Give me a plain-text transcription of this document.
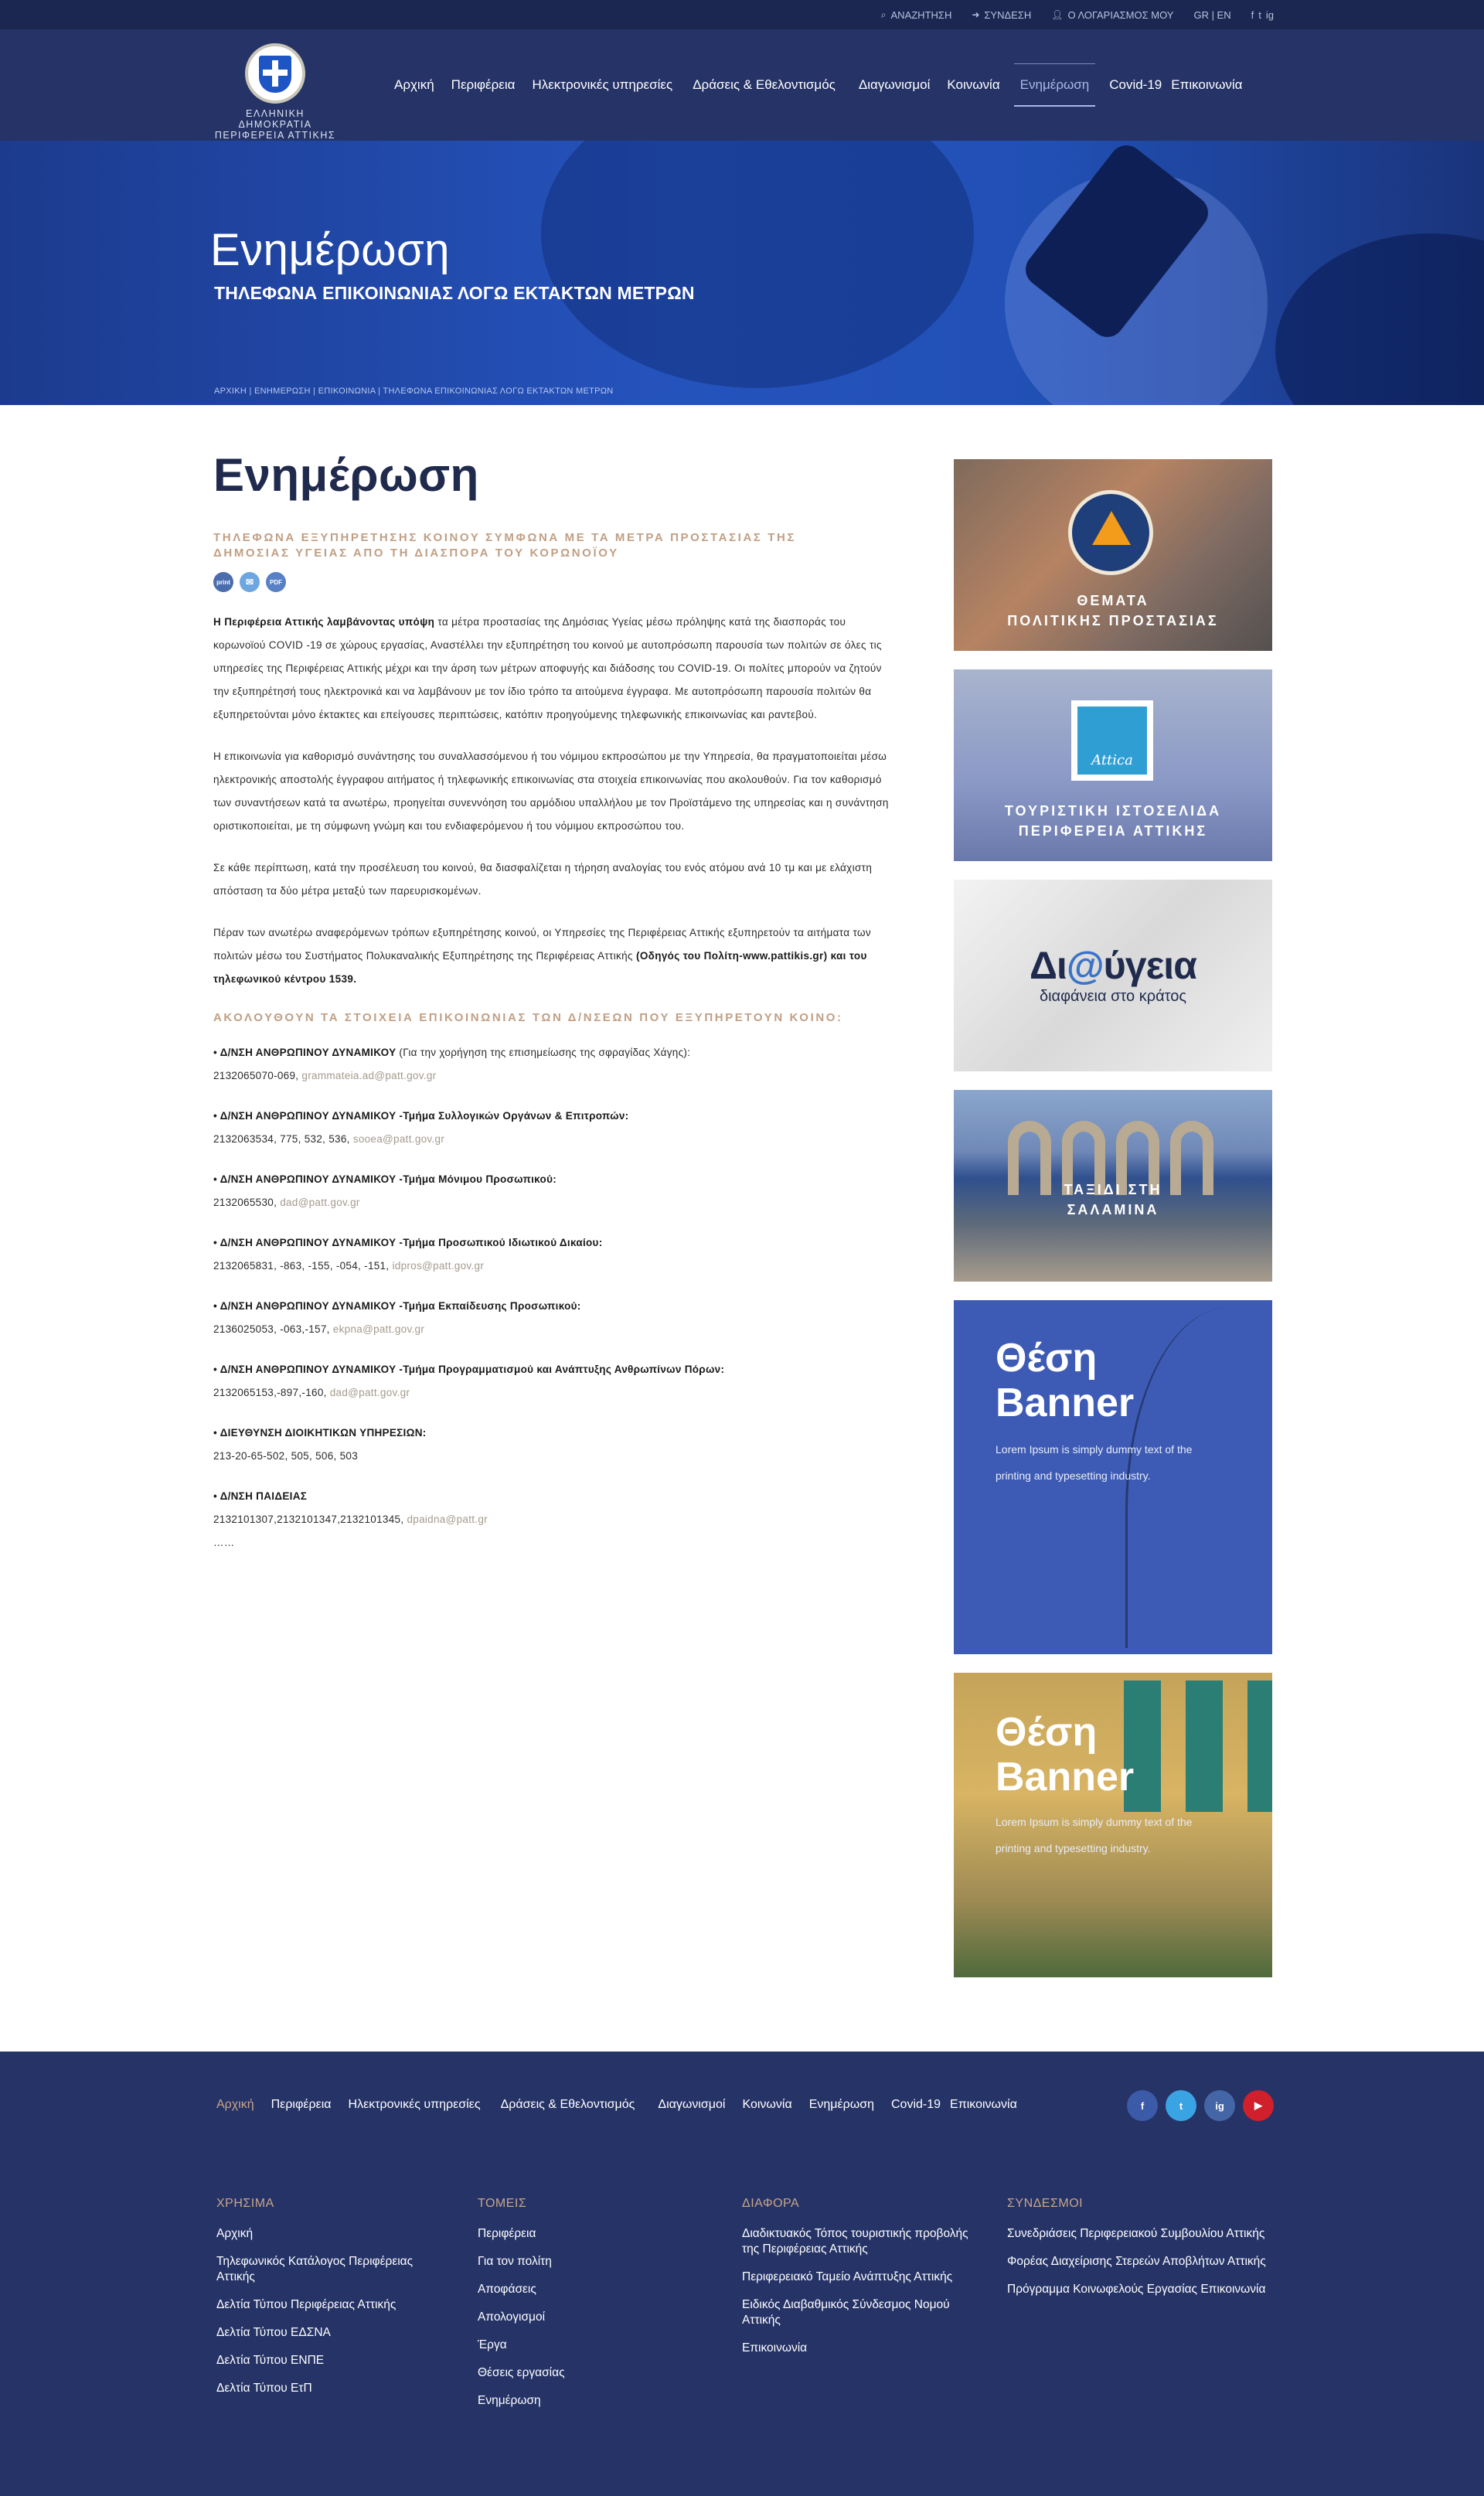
⌕ ΑΝΑΖΗΤΗΣΗ ➜ ΣΥΝΔΕΣΗ 👤︎ Ο ΛΟΓΑΡΙΑΣΜΟΣ ΜΟΥ GR | EN f t ig
ΕΛΛΗΝΙΚΗ ΔΗΜΟΚΡΑΤΙΑ
ΠΕΡΙΦΕΡΕΙΑ ΑΤΤΙΚΗΣ
Αρχική Περιφέρεια Ηλεκτρονικές υπηρεσίες Δράσεις & Εθελοντισμός Διαγωνισμοί Κοινωνία Ενημέρωση Covid-19 Επικοινωνία
Ενημέρωση
ΤΗΛΕΦΩΝΑ ΕΠΙΚΟΙΝΩΝΙΑΣ ΛΟΓΩ ΕΚΤΑΚΤΩΝ ΜΕΤΡΩΝ
ΑΡΧΙΚΗ | ΕΝΗΜΕΡΩΣΗ | ΕΠΙΚΟΙΝΩΝΙΑ | ΤΗΛΕΦΩΝΑ ΕΠΙΚΟΙΝΩΝΙΑΣ ΛΟΓΩ ΕΚΤΑΚΤΩΝ ΜΕΤΡΩΝ
Ενημέρωση
ΤΗΛΕΦΩΝΑ ΕΞΥΠΗΡΕΤΗΣΗΣ ΚΟΙΝΟΥ ΣΥΜΦΩΝΑ ΜΕ ΤΑ ΜΕΤΡΑ ΠΡΟΣΤΑΣΙΑΣ ΤΗΣ ΔΗΜΟΣΙΑΣ ΥΓΕΙΑΣ ΑΠΟ ΤΗ ΔΙΑΣΠΟΡΑ ΤΟΥ ΚΟΡΩΝΟΪΟΥ
print	✉	PDF

Η Περιφέρεια Αττικής λαμβάνοντας υπόψη τα μέτρα προστασίας της Δημόσιας Υγείας μέσω πρόληψης κατά της διασποράς του κορωνοϊού COVID -19 σε χώρους εργασίας, Αναστέλλει την εξυπηρέτηση του κοινού με αυτοπρόσωπη παρουσία των πολιτών σε όλες τις υπηρεσίες της Περιφέρειας Αττικής μέχρι και την άρση των μέτρων αποφυγής και διάδοσης του COVID-19. Οι πολίτες μπορούν να ζητούν την εξυπηρέτησή τους ηλεκτρονικά και να λαμβάνουν με τον ίδιο τρόπο τα αιτούμενα έγγραφα. Με αυτοπρόσωπη παρουσία πολιτών θα εξυπηρετούνται μόνο έκτακτες και επείγουσες περιπτώσεις, κατόπιν προηγούμενης τηλεφωνικής επικοινωνίας και ραντεβού.

Η επικοινωνία για καθορισμό συνάντησης του συναλλασσόμενου ή του νόμιμου εκπροσώπου με την Υπηρεσία, θα πραγματοποιείται μέσω ηλεκτρονικής αποστολής έγγραφου αιτήματος ή τηλεφωνικής επικοινωνίας στα στοιχεία επικοινωνίας που ακολουθούν. Για τον καθορισμό των συναντήσεων κατά τα ανωτέρω, προηγείται συνεννόηση του αρμόδιου υπαλλήλου με τον Προϊστάμενο της υπηρεσίας και η συνάντηση οριστικοποιείται, με τη σύμφωνη γνώμη και του ενδιαφερόμενου ή του νόμιμου εκπροσώπου του.

Σε κάθε περίπτωση, κατά την προσέλευση του κοινού, θα διασφαλίζεται η τήρηση αναλογίας του ενός ατόμου ανά 10 τμ και με ελάχιστη απόσταση τα δύο μέτρα μεταξύ των παρευρισκομένων.

Πέραν των ανωτέρω αναφερόμενων τρόπων εξυπηρέτησης κοινού, οι Υπηρεσίες της Περιφέρειας Αττικής εξυπηρετούν τα αιτήματα των πολιτών μέσω του Συστήματος Πολυκαναλικής Εξυπηρέτησης της Περιφέρειας Αττικής (Οδηγός του Πολίτη-www.pattikis.gr) και του τηλεφωνικού κέντρου 1539.

ΑΚΟΛΟΥΘΟΥΝ ΤΑ ΣΤΟΙΧΕΙΑ ΕΠΙΚΟΙΝΩΝΙΑΣ ΤΩΝ Δ/ΝΣΕΩΝ ΠΟΥ ΕΞΥΠΗΡΕΤΟΥΝ ΚΟΙΝΟ:
• Δ/ΝΣΗ ΑΝΘΡΩΠΙΝΟΥ ΔΥΝΑΜΙΚΟΥ (Για την χορήγηση της επισημείωσης της σφραγίδας Χάγης):
2132065070-069, grammateia.ad@patt.gov.gr
• Δ/ΝΣΗ ΑΝΘΡΩΠΙΝΟΥ ΔΥΝΑΜΙΚΟΥ -Τμήμα Συλλογικών Οργάνων & Επιτροπών:
2132063534, 775, 532, 536, sooea@patt.gov.gr
• Δ/ΝΣΗ ΑΝΘΡΩΠΙΝΟΥ ΔΥΝΑΜΙΚΟΥ -Τμήμα Μόνιμου Προσωπικού:
2132065530, dad@patt.gov.gr
• Δ/ΝΣΗ ΑΝΘΡΩΠΙΝΟΥ ΔΥΝΑΜΙΚΟΥ -Τμήμα Προσωπικού Ιδιωτικού Δικαίου:
2132065831, -863, -155, -054, -151, idpros@patt.gov.gr
• Δ/ΝΣΗ ΑΝΘΡΩΠΙΝΟΥ ΔΥΝΑΜΙΚΟΥ -Τμήμα Εκπαίδευσης Προσωπικού:
2136025053, -063,-157, ekpna@patt.gov.gr
• Δ/ΝΣΗ ΑΝΘΡΩΠΙΝΟΥ ΔΥΝΑΜΙΚΟΥ -Τμήμα Προγραμματισμού και Ανάπτυξης Ανθρωπίνων Πόρων:
2132065153,-897,-160, dad@patt.gov.gr
• ΔΙΕΥΘΥΝΣΗ ΔΙΟΙΚΗΤΙΚΩΝ ΥΠΗΡΕΣΙΩΝ:
213-20-65-502, 505, 506, 503
• Δ/ΝΣΗ ΠΑΙΔΕΙΑΣ
2132101307,2132101347,2132101345, dpaidna@patt.gr
……
ΘΕΜΑΤΑ
ΠΟΛΙΤΙΚΗΣ ΠΡΟΣΤΑΣΙΑΣ
Attica
ΤΟΥΡΙΣΤΙΚΗ ΙΣΤΟΣΕΛΙΔΑ
ΠΕΡΙΦΕΡΕΙΑ ΑΤΤΙΚΗΣ
Δι@ύγεια
διαφάνεια στο κράτος
ΤΑΞΙΔΙ ΣΤΗ
ΣΑΛΑΜΙΝΑ
Θέση
Banner
Lorem Ipsum is simply dummy text of the printing and typesetting industry.
Θέση
Banner
Lorem Ipsum is simply dummy text of the printing and typesetting industry.
Αρχική Περιφέρεια Ηλεκτρονικές υπηρεσίες Δράσεις & Εθελοντισμός Διαγωνισμοί Κοινωνία Ενημέρωση Covid-19 Επικοινωνία	f	t	ig	▶
ΧΡΗΣΙΜΑ
Αρχική
Τηλεφωνικός Κατάλογος Περιφέρειας Αττικής
Δελτία Τύπου Περιφέρειας Αττικής
Δελτία Τύπου ΕΔΣΝΑ
Δελτία Τύπου ΕΝΠΕ
Δελτία Τύπου ΕτΠ
ΤΟΜΕΙΣ
Περιφέρεια
Για τον πολίτη
Αποφάσεις
Απολογισμοί
Έργα
Θέσεις εργασίας
Ενημέρωση
ΔΙΑΦΟΡΑ
Διαδικτυακός Τόπος τουριστικής προβολής της Περιφέρειας Αττικής
Περιφερειακό Ταμείο Ανάπτυξης Αττικής
Ειδικός Διαβαθμικός Σύνδεσμος Νομού Αττικής
Επικοινωνία
ΣΥΝΔΕΣΜΟΙ
Συνεδριάσεις Περιφερειακού Συμβουλίου Αττικής
Φορέας Διαχείρισης Στερεών Αποβλήτων Αττικής
Πρόγραμμα Κοινωφελούς Εργασίας Επικοινωνία
